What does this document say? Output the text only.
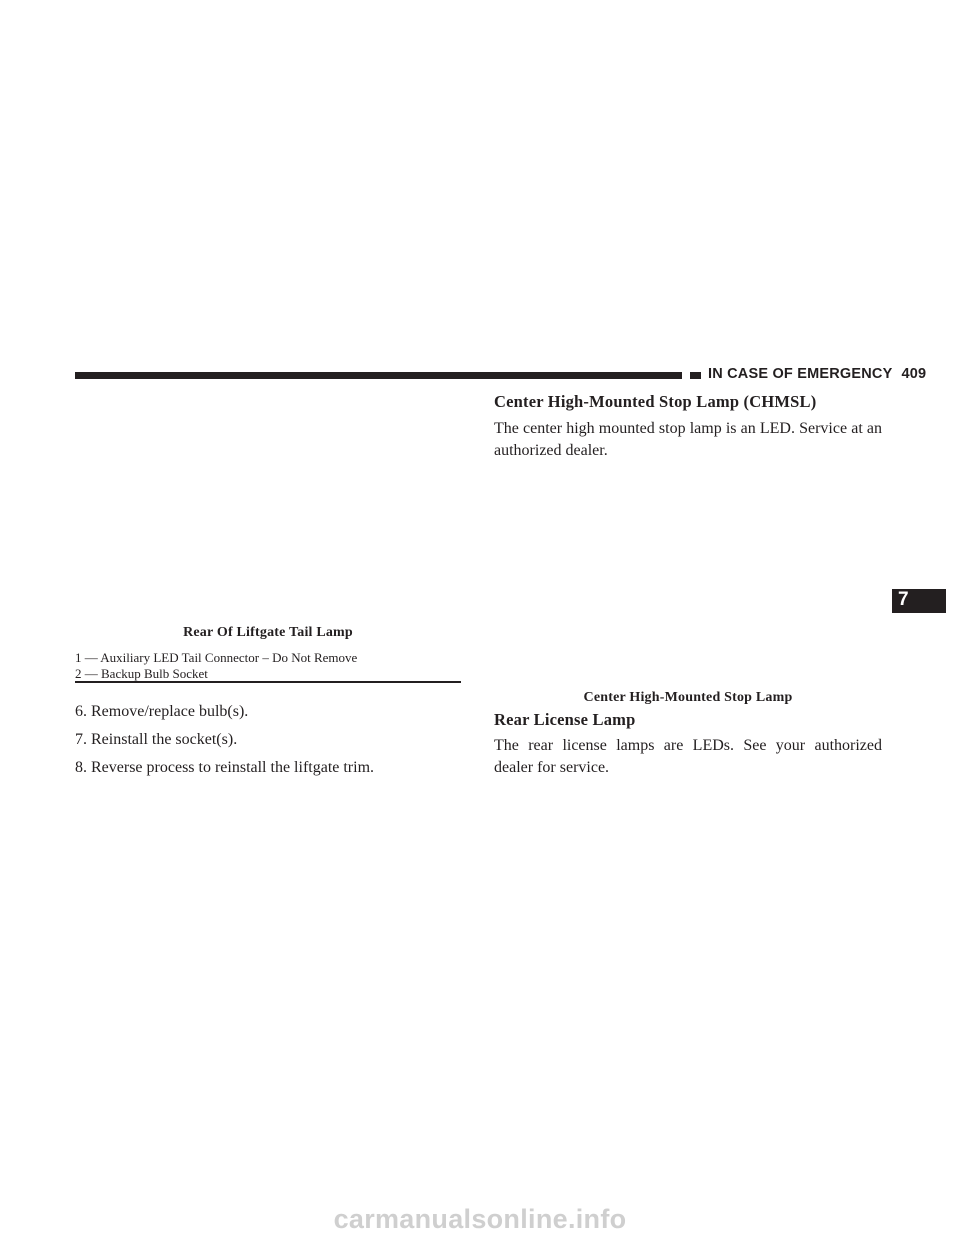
IN CASE OF EMERGENCY 409
Rear Of Liftgate Tail Lamp
1 — Auxiliary LED Tail Connector – Do Not Remove
2 — Backup Bulb Socket
6. Remove/replace bulb(s).
7. Reinstall the socket(s).
8. Reverse process to reinstall the liftgate trim.
Center High-Mounted Stop Lamp (CHMSL)
The center high mounted stop lamp is an LED. Service at an authorized dealer.
Center High-Mounted Stop Lamp
Rear License Lamp
The rear license lamps are LEDs. See your authorized dealer for service.
7
carmanualsonline.info
